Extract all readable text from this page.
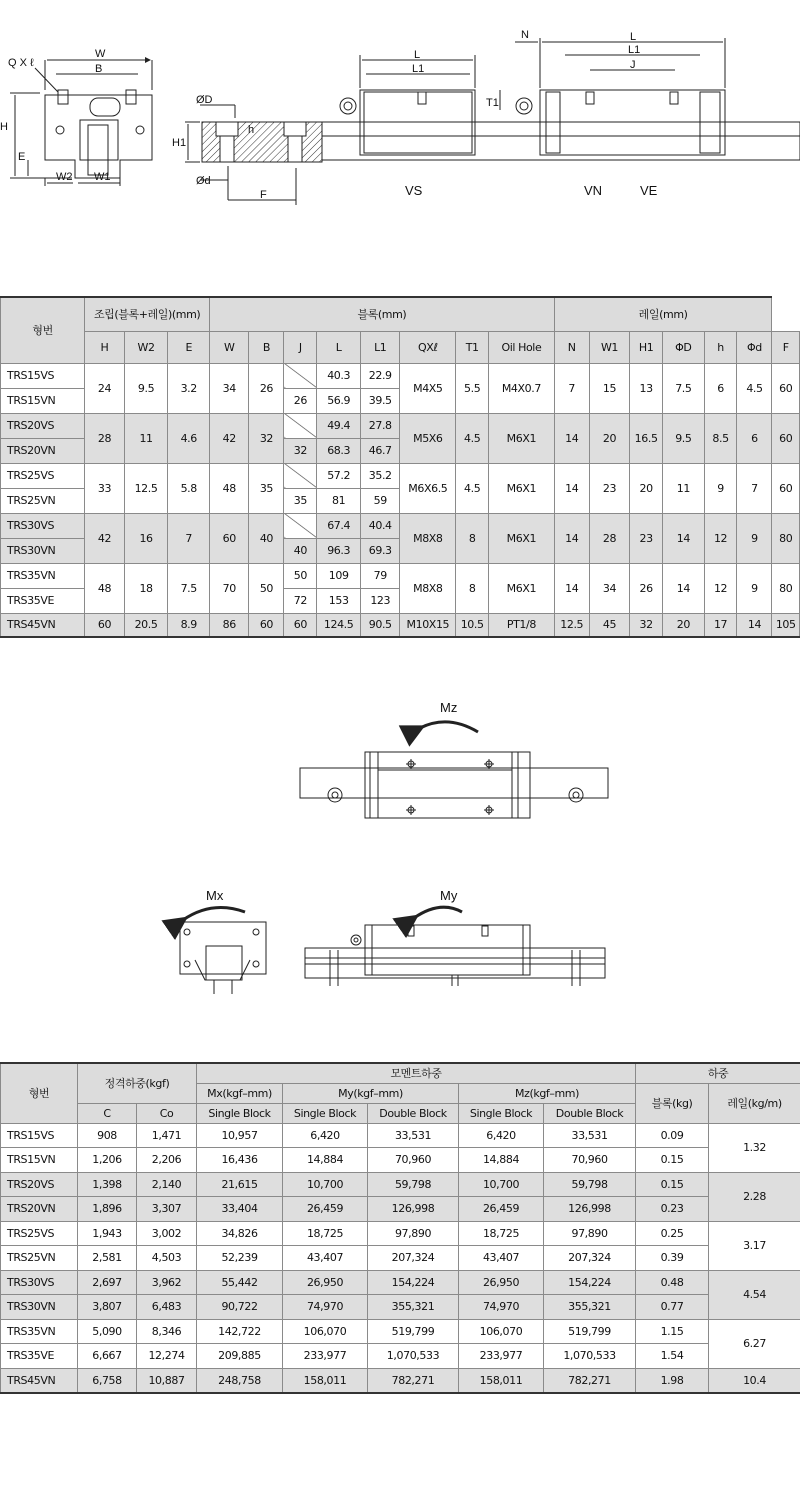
Q X ℓ
W
B
H
E
W2 W1
ØD
h
H1
Ød
F
L
L1
L
L1
J
N
T1
VS	VN	VE
형번	조립(블록+레일)(mm)			블록(mm)								레일(mm)						
	H	W2	E	W	B	J	L	L1	QXℓ	T1	Oil Hole	N	W1	H1	ΦD	h	Φd	F
TRS15VS	24	9.5	3.2	34	26		40.3	22.9	M4X5	5.5	M4X0.7	7	15	13	7.5	6	4.5	60
TRS15VN						26	56.9	39.5										
TRS20VS	28	11	4.6	42	32		49.4	27.8	M5X6	4.5	M6X1	14	20	16.5	9.5	8.5	6	60
TRS20VN						32	68.3	46.7										
TRS25VS	33	12.5	5.8	48	35		57.2	35.2	M6X6.5	4.5	M6X1	14	23	20	11	9	7	60
TRS25VN						35	81	59										
TRS30VS	42	16	7	60	40		67.4	40.4	M8X8	8	M6X1	14	28	23	14	12	9	80
TRS30VN						40	96.3	69.3										
TRS35VN	48	18	7.5	70	50	50	109	79	M8X8	8	M6X1	14	34	26	14	12	9	80
TRS35VE						72	153	123										
TRS45VN	60	20.5	8.9	86	60	60	124.5	90.5	M10X15	10.5	PT1/8	12.5	45	32	20	17	14	105
Mz
Mx	My
형번	정격하중(kgf)		모멘트하중					하중	
			Mx(kgf–mm)	My(kgf–mm)		Mz(kgf–mm)		블록(kg)	레일(kg/m)
	C	Co	Single Block	Single Block	Double Block	Single Block	Double Block		
TRS15VS	908	1,471	10,957	6,420	33,531	6,420	33,531	0.09	1.32
TRS15VN	1,206	2,206	16,436	14,884	70,960	14,884	70,960	0.15	
TRS20VS	1,398	2,140	21,615	10,700	59,798	10,700	59,798	0.15	2.28
TRS20VN	1,896	3,307	33,404	26,459	126,998	26,459	126,998	0.23	
TRS25VS	1,943	3,002	34,826	18,725	97,890	18,725	97,890	0.25	3.17
TRS25VN	2,581	4,503	52,239	43,407	207,324	43,407	207,324	0.39	
TRS30VS	2,697	3,962	55,442	26,950	154,224	26,950	154,224	0.48	4.54
TRS30VN	3,807	6,483	90,722	74,970	355,321	74,970	355,321	0.77	
TRS35VN	5,090	8,346	142,722	106,070	519,799	106,070	519,799	1.15	6.27
TRS35VE	6,667	12,274	209,885	233,977	1,070,533	233,977	1,070,533	1.54	
TRS45VN	6,758	10,887	248,758	158,011	782,271	158,011	782,271	1.98	10.4
